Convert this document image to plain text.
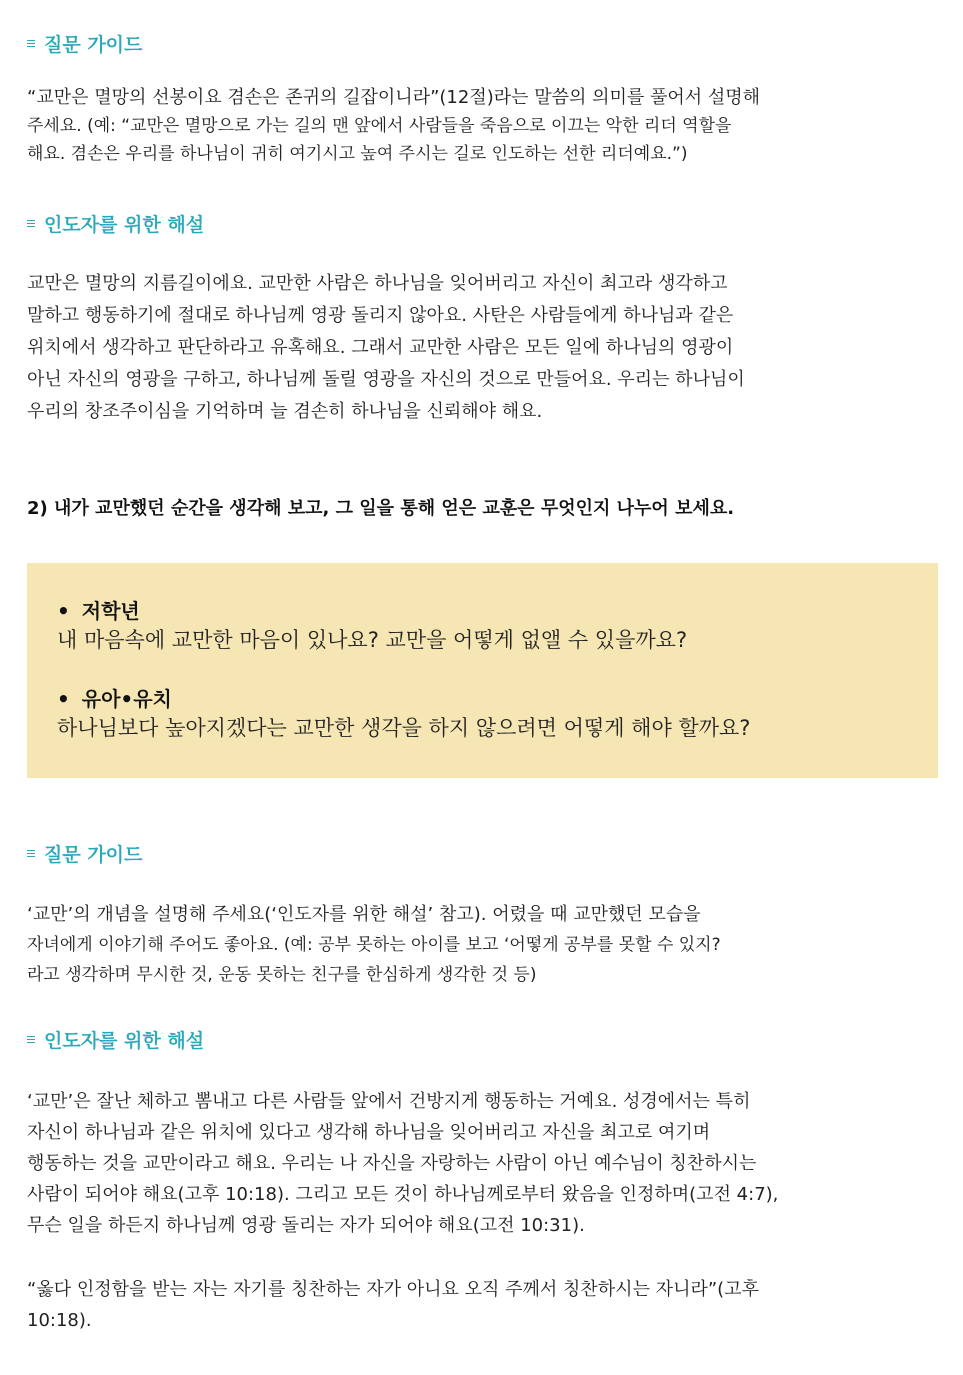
질문 가이드

“교만은 멸망의 선봉이요 겸손은 존귀의 길잡이니라”(12절)라는 말씀의 의미를 풀어서 설명해
주세요. (예: “교만은 멸망으로 가는 길의 맨 앞에서 사람들을 죽음으로 이끄는 악한 리더 역할을
해요. 겸손은 우리를 하나님이 귀히 여기시고 높여 주시는 길로 인도하는 선한 리더예요.”)

인도자를 위한 해설

교만은 멸망의 지름길이에요. 교만한 사람은 하나님을 잊어버리고 자신이 최고라 생각하고
말하고 행동하기에 절대로 하나님께 영광 돌리지 않아요. 사탄은 사람들에게 하나님과 같은
위치에서 생각하고 판단하라고 유혹해요. 그래서 교만한 사람은 모든 일에 하나님의 영광이
아닌 자신의 영광을 구하고, 하나님께 돌릴 영광을 자신의 것으로 만들어요. 우리는 하나님이
우리의 창조주이심을 기억하며 늘 겸손히 하나님을 신뢰해야 해요.

2) 내가 교만했던 순간을 생각해 보고, 그 일을 통해 얻은 교훈은 무엇인지 나누어 보세요.

• 저학년
내 마음속에 교만한 마음이 있나요? 교만을 어떻게 없앨 수 있을까요?
• 유아•유치
하나님보다 높아지겠다는 교만한 생각을 하지 않으려면 어떻게 해야 할까요?
질문 가이드

‘교만’의 개념을 설명해 주세요(‘인도자를 위한 해설’ 참고). 어렸을 때 교만했던 모습을
자녀에게 이야기해 주어도 좋아요. (예: 공부 못하는 아이를 보고 ‘어떻게 공부를 못할 수 있지?
라고 생각하며 무시한 것, 운동 못하는 친구를 한심하게 생각한 것 등)

인도자를 위한 해설

‘교만’은 잘난 체하고 뽐내고 다른 사람들 앞에서 건방지게 행동하는 거예요. 성경에서는 특히
자신이 하나님과 같은 위치에 있다고 생각해 하나님을 잊어버리고 자신을 최고로 여기며
행동하는 것을 교만이라고 해요. 우리는 나 자신을 자랑하는 사람이 아닌 예수님이 칭찬하시는
사람이 되어야 해요(고후 10:18). 그리고 모든 것이 하나님께로부터 왔음을 인정하며(고전 4:7),
무슨 일을 하든지 하나님께 영광 돌리는 자가 되어야 해요(고전 10:31).

“옳다 인정함을 받는 자는 자기를 칭찬하는 자가 아니요 오직 주께서 칭찬하시는 자니라”(고후
10:18).
